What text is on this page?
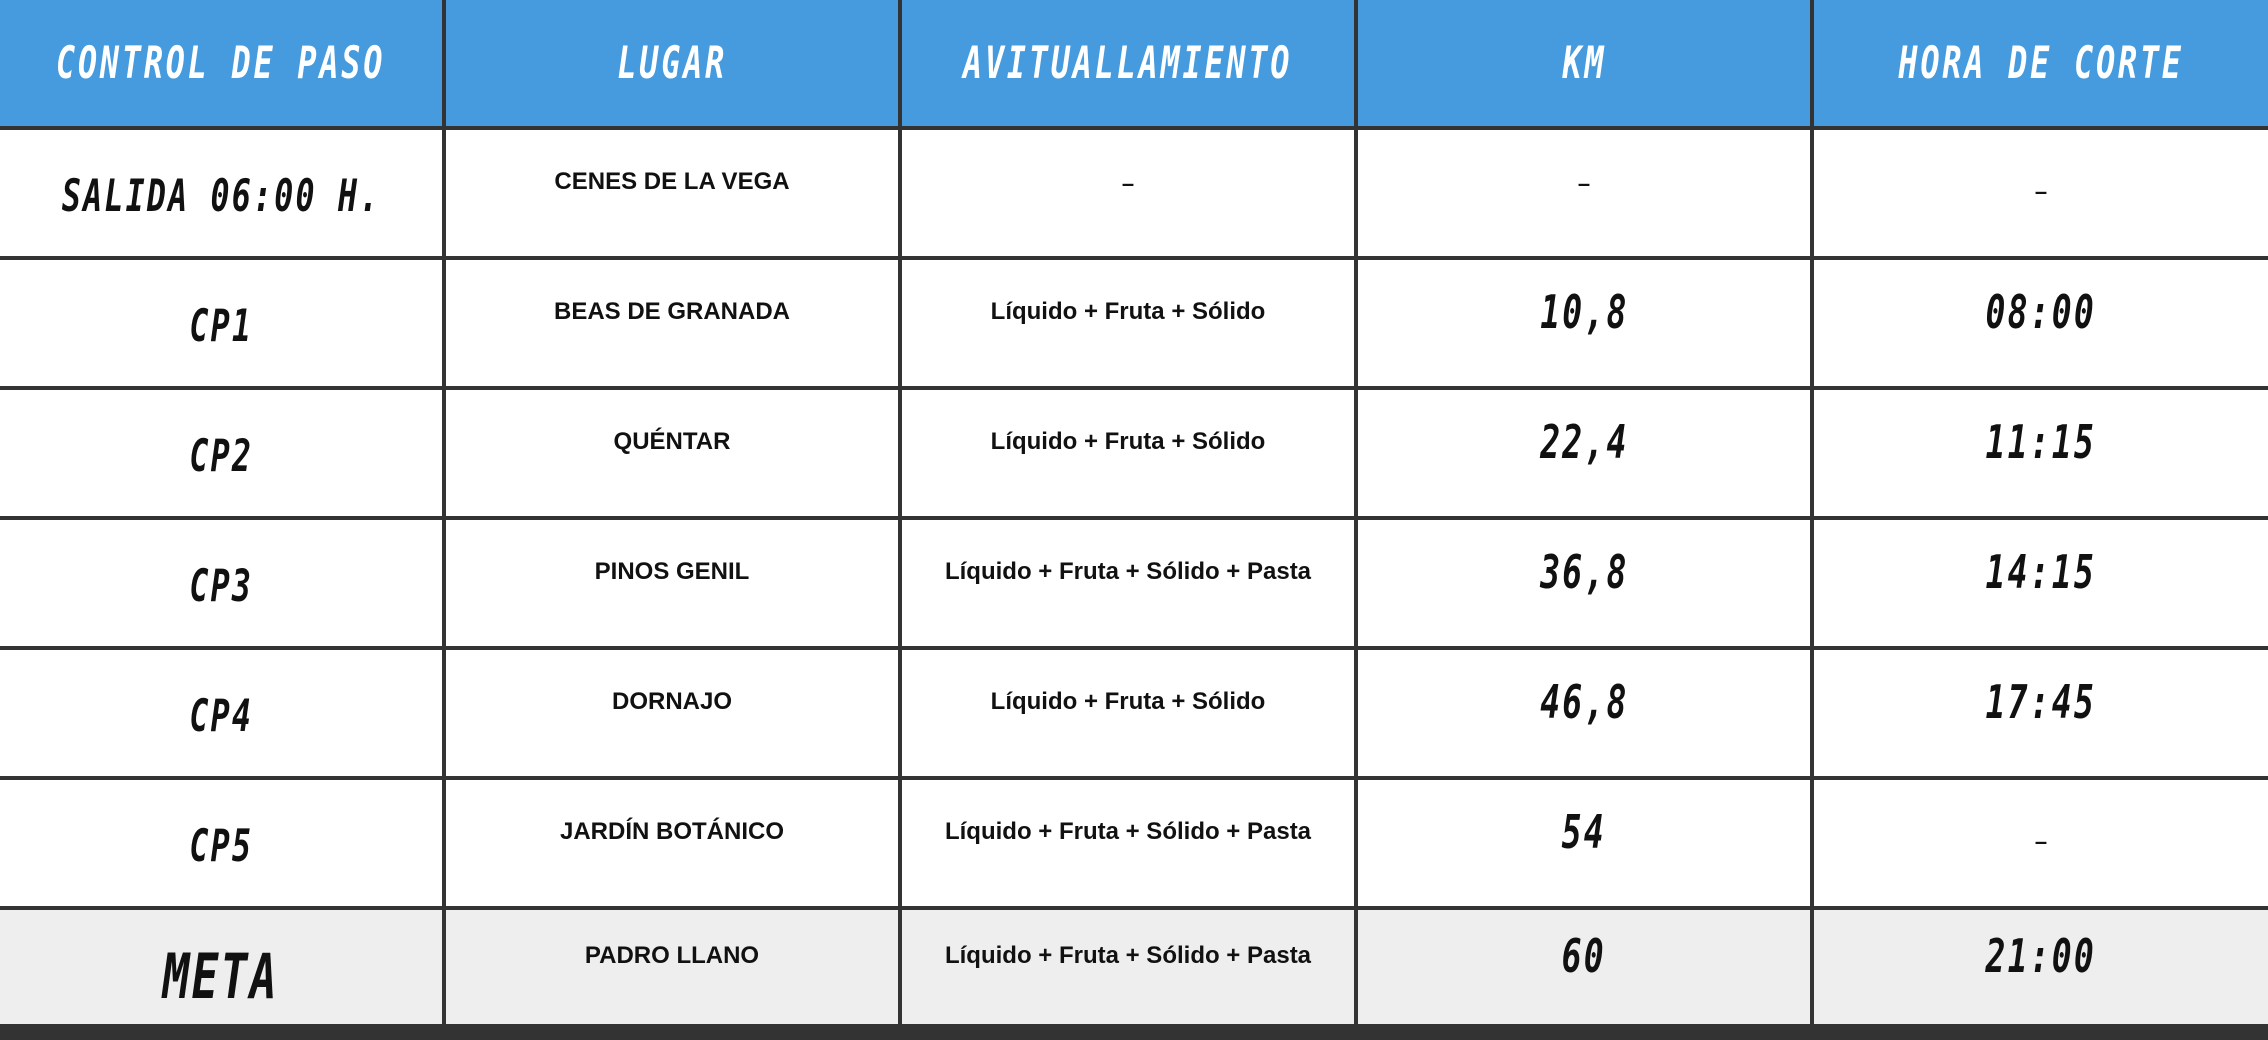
CONTROL DE PASO	LUGAR	AVITUALLAMIENTO	KM	HORA DE CORTE
SALIDA 06:00 H.	CENES DE LA VEGA	–	–	–
CP1	BEAS DE GRANADA	Líquido + Fruta + Sólido	10,8	08:00
CP2	QUÉNTAR	Líquido + Fruta + Sólido	22,4	11:15
CP3	PINOS GENIL	Líquido + Fruta + Sólido + Pasta	36,8	14:15
CP4	DORNAJO	Líquido + Fruta + Sólido	46,8	17:45
CP5	JARDÍN BOTÁNICO	Líquido + Fruta + Sólido + Pasta	54	–
META	PADRO LLANO	Líquido + Fruta + Sólido + Pasta	60	21:00
